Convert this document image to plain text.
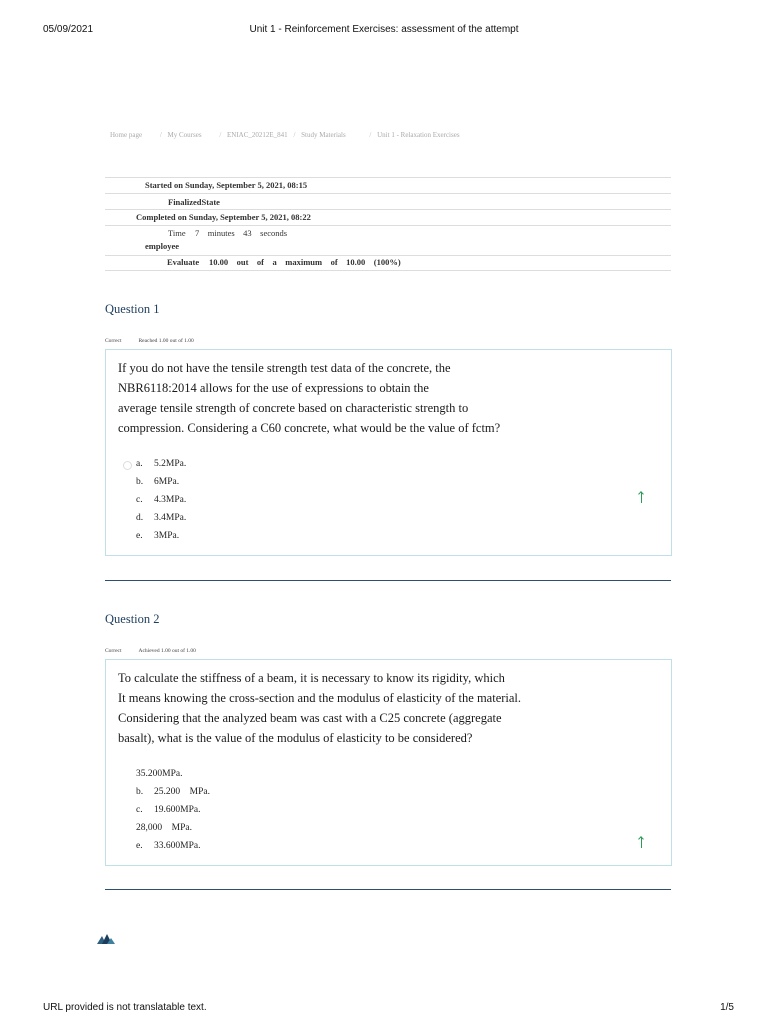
05/09/2021	Unit 1 - Reinforcement Exercises: assessment of the attempt
URL provided is not translatable text.	1/5
Home page	/ My Courses	/ ENIAC_20212E_841 / Study Materials	/ Unit 1 - Relaxation Exercises
Started on Sunday, September 5, 2021, 08:15
FinalizedState
Completed on Sunday, September 5, 2021, 08:22
Time 7    minutes    43    seconds
employee
Evaluate 10.00    out    of    a    maximum    of    10.00    (100%)
Question 1
Correct	Reached 1.00 out of 1.00
If you do not have the tensile strength test data of the concrete, the
NBR6118:2014 allows for the use of expressions to obtain the
average tensile strength of concrete based on characteristic strength to
compression. Considering a C60 concrete, what would be the value of fctm?
a. 5.2MPa.
b. 6MPa.
c. 4.3MPa.
d. 3.4MPa.
e. 3MPa.
Question 2
Correct	Achieved 1.00 out of 1.00
To calculate the stiffness of a beam, it is necessary to know its rigidity, which
It means knowing the cross-section and the modulus of elasticity of the material.
Considering that the analyzed beam was cast with a C25 concrete (aggregate
basalt), what is the value of the modulus of elasticity to be considered?
35.200MPa.
b. 25.200    MPa.
c. 19.600MPa.
28,000    MPa.
e. 33.600MPa.
